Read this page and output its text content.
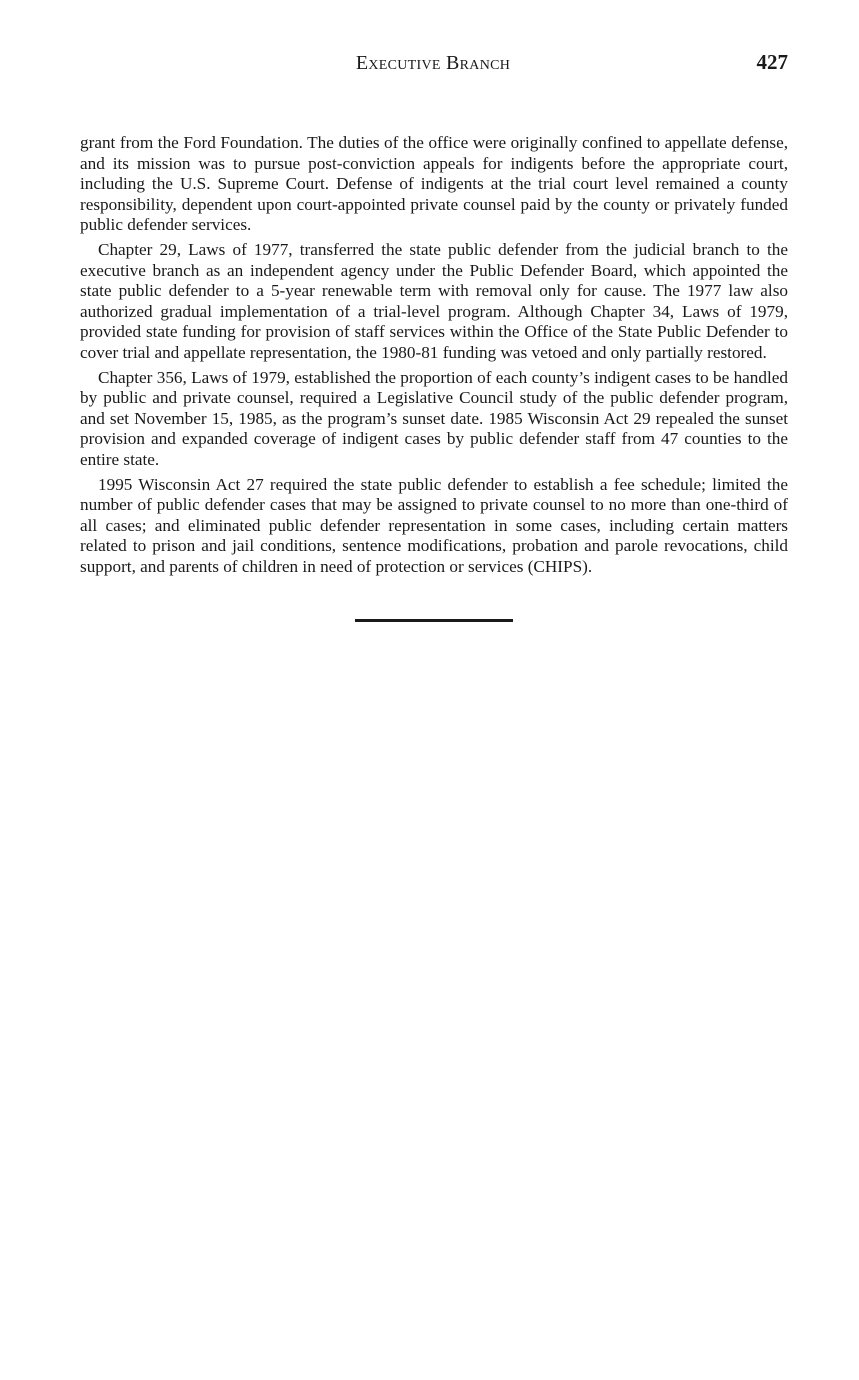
Executive Branch	427

grant from the Ford Foundation. The duties of the office were originally confined to appellate defense, and its mission was to pursue post-conviction appeals for indigents before the appropriate court, including the U.S. Supreme Court. Defense of indigents at the trial court level remained a county responsibility, dependent upon court-appointed private counsel paid by the county or privately funded public defender services.

Chapter 29, Laws of 1977, transferred the state public defender from the judicial branch to the executive branch as an independent agency under the Public Defender Board, which appointed the state public defender to a 5-year renewable term with removal only for cause. The 1977 law also authorized gradual implementation of a trial-level program. Although Chapter 34, Laws of 1979, provided state funding for provision of staff services within the Office of the State Public Defender to cover trial and appellate representation, the 1980-81 funding was vetoed and only partially restored.

Chapter 356, Laws of 1979, established the proportion of each county’s indigent cases to be handled by public and private counsel, required a Legislative Council study of the public defender program, and set November 15, 1985, as the program’s sunset date. 1985 Wisconsin Act 29 repealed the sunset provision and expanded coverage of indigent cases by public defender staff from 47 counties to the entire state.

1995 Wisconsin Act 27 required the state public defender to establish a fee schedule; limited the number of public defender cases that may be assigned to private counsel to no more than one-third of all cases; and eliminated public defender representation in some cases, including certain matters related to prison and jail conditions, sentence modifications, probation and parole revocations, child support, and parents of children in need of protection or services (CHIPS).
